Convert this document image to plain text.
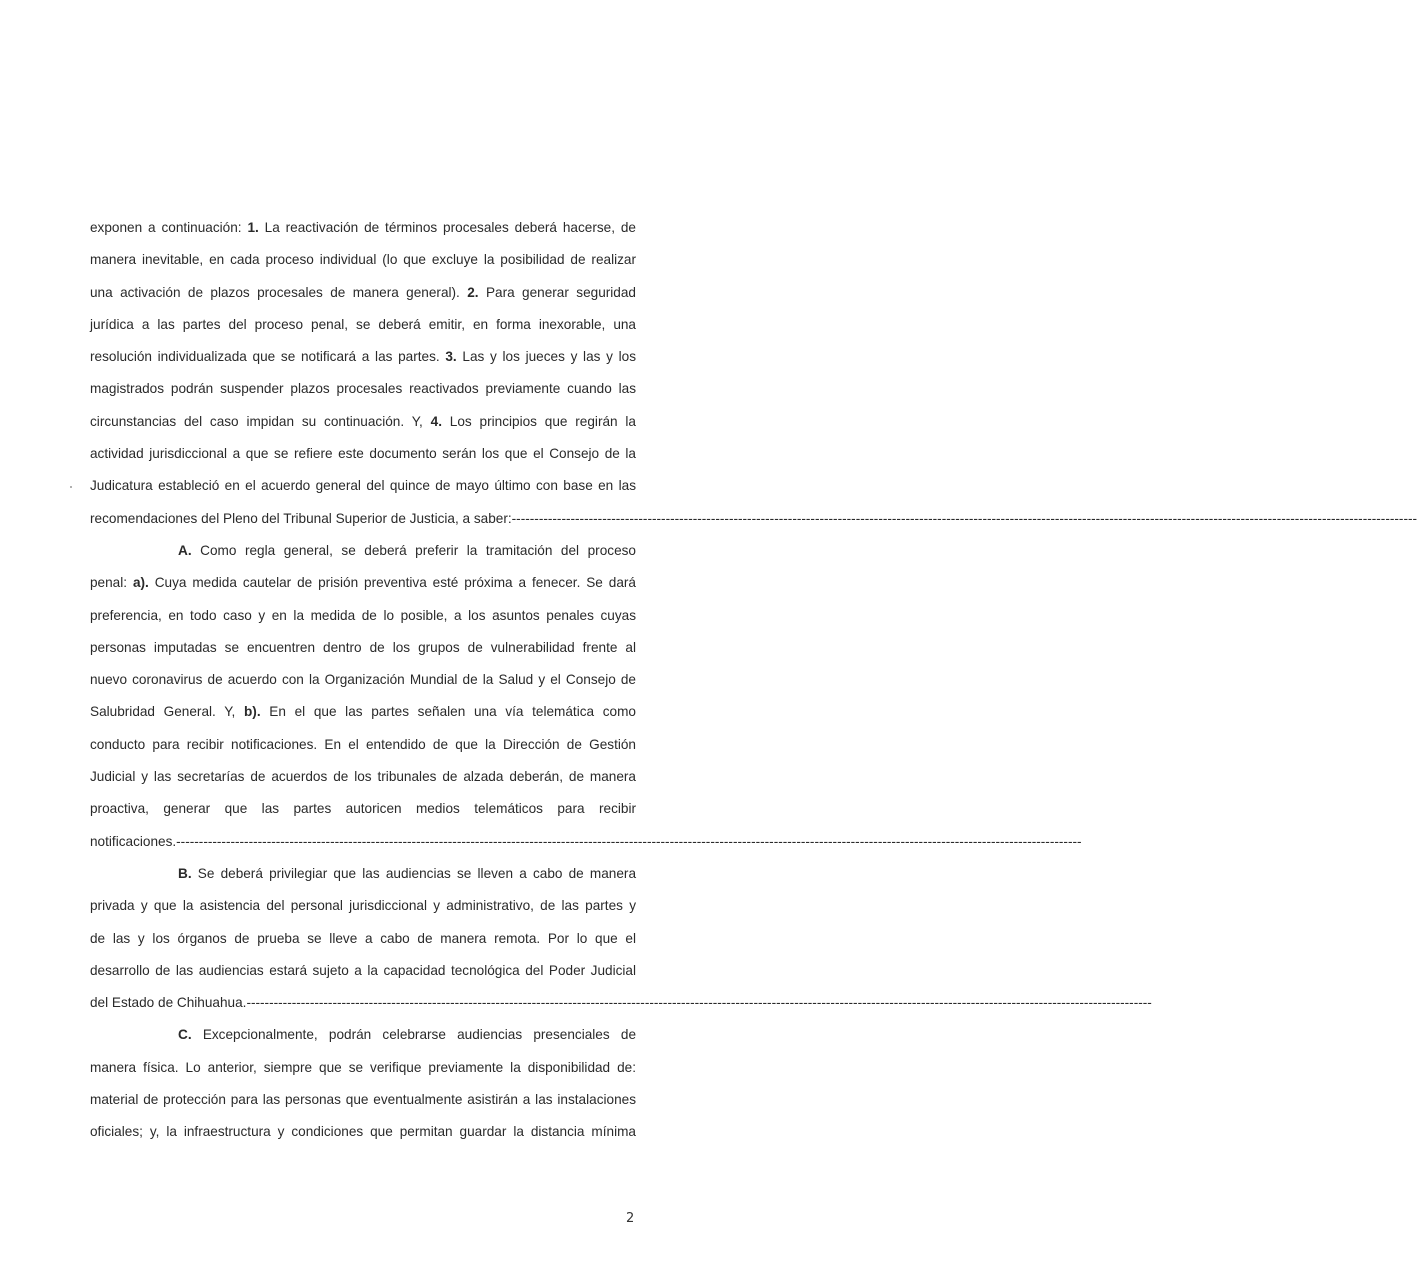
exponen a continuación: 1. La reactivación de términos procesales deberá hacerse, de
manera inevitable, en cada proceso individual (lo que excluye la posibilidad de realizar
una activación de plazos procesales de manera general). 2. Para generar seguridad
jurídica a las partes del proceso penal, se deberá emitir, en forma inexorable, una
resolución individualizada que se notificará a las partes. 3. Las y los jueces y las y los
magistrados podrán suspender plazos procesales reactivados previamente cuando las
circunstancias del caso impidan su continuación. Y, 4. Los principios que regirán la
actividad jurisdiccional a que se refiere este documento serán los que el Consejo de la
Judicatura estableció en el acuerdo general del quince de mayo último con base en las
recomendaciones del Pleno del Tribunal Superior de Justicia, a saber: --------------------------------------------------------------------------------------------------------------------------------------------------------------------------------------------------------
A. Como regla general, se deberá preferir la tramitación del proceso
penal: a). Cuya medida cautelar de prisión preventiva esté próxima a fenecer. Se dará
preferencia, en todo caso y en la medida de lo posible, a los asuntos penales cuyas
personas imputadas se encuentren dentro de los grupos de vulnerabilidad frente al
nuevo coronavirus de acuerdo con la Organización Mundial de la Salud y el Consejo de
Salubridad General. Y, b). En el que las partes señalen una vía telemática como
conducto para recibir notificaciones. En el entendido de que la Dirección de Gestión
Judicial y las secretarías de acuerdos de los tribunales de alzada deberán, de manera
proactiva, generar que las partes autoricen medios telemáticos para recibir
notificaciones. --------------------------------------------------------------------------------------------------------------------------------------------------------------------------------------------------------
B. Se deberá privilegiar que las audiencias se lleven a cabo de manera
privada y que la asistencia del personal jurisdiccional y administrativo, de las partes y
de las y los órganos de prueba se lleve a cabo de manera remota. Por lo que el
desarrollo de las audiencias estará sujeto a la capacidad tecnológica del Poder Judicial
del Estado de Chihuahua. --------------------------------------------------------------------------------------------------------------------------------------------------------------------------------------------------------
C. Excepcionalmente, podrán celebrarse audiencias presenciales de
manera física. Lo anterior, siempre que se verifique previamente la disponibilidad de:
material de protección para las personas que eventualmente asistirán a las instalaciones
oficiales; y, la infraestructura y condiciones que permitan guardar la distancia mínima
2
